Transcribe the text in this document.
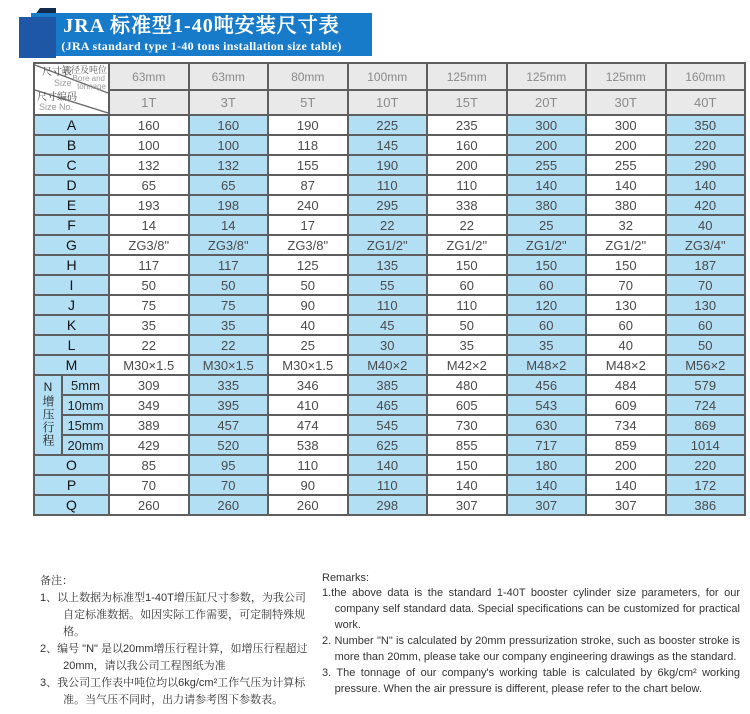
JRA 标准型1-40吨安装尺寸表
(JRA standard type 1-40 tons installation size table)
尺寸表
Size
缸径及吨位
Bore and
tonnage
尺寸编码
Size No.
	63mm	63mm	80mm	100mm	125mm	125mm	125mm	160mm
		1T	3T	5T	10T	15T	20T	30T	40T
A		160	160	190	225	235	300	300	350
B		100	100	118	145	160	200	200	220
C		132	132	155	190	200	255	255	290
D		65	65	87	110	110	140	140	140
E		193	198	240	295	338	380	380	420
F		14	14	17	22	22	25	32	40
G		ZG3/8"	ZG3/8"	ZG3/8"	ZG1/2"	ZG1/2"	ZG1/2"	ZG1/2"	ZG3/4"
H		117	117	125	135	150	150	150	187
I		50	50	50	55	60	60	70	70
J		75	75	90	110	110	120	130	130
K		35	35	40	45	50	60	60	60
L		22	22	25	30	35	35	40	50
M		M30×1.5	M30×1.5	M30×1.5	M40×2	M42×2	M48×2	M48×2	M56×2
N增压行程	5mm	309	335	346	385	480	456	484	579
	10mm	349	395	410	465	605	543	609	724
	15mm	389	457	474	545	730	630	734	869
	20mm	429	520	538	625	855	717	859	1014
O		85	95	110	140	150	180	200	220
P		70	70	90	110	140	140	140	172
Q		260	260	260	298	307	307	307	386
备注：
1、以上数据为标准型1-40T增压缸尺寸参数，为我公司自定标准数据。如因实际工作需要，可定制特殊规格。
2、编号 "N" 是以20mm增压行程计算，如增压行程超过20mm，请以我公司工程图纸为准
3、我公司工作表中吨位均以6kg/cm²工作气压为计算标准。当气压不同时，出力请参考图下参数表。
Remarks:
1.the above data is the standard 1-40T booster cylinder size parameters, for our company self standard data. Special specifications can be customized for practical work.
2. Number "N" is calculated by 20mm pressurization stroke, such as booster stroke is more than 20mm, please take our company engineering drawings as the standard.
3. The tonnage of our company's working table is calculated by 6kg/cm² working pressure. When the air pressure is different, please refer to the chart below.
